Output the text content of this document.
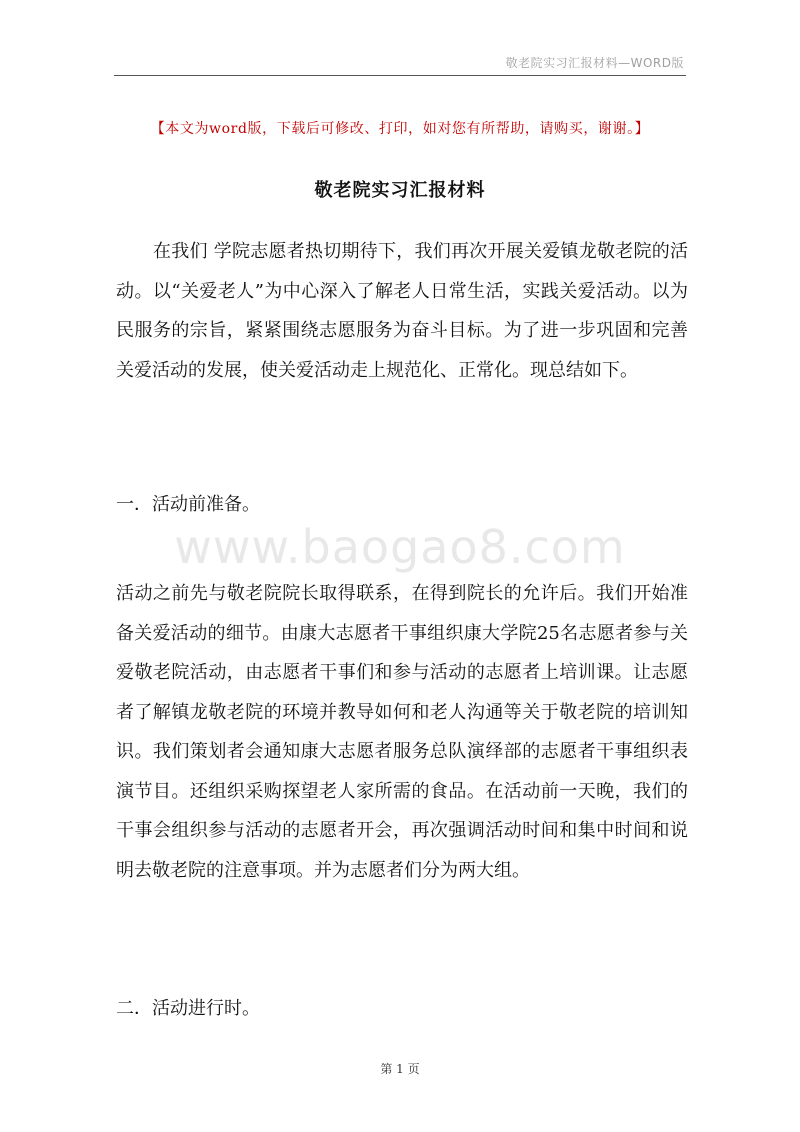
敬老院实习汇报材料—WORD版
【本文为word版，下载后可修改、打印，如对您有所帮助，请购买，谢谢。】
敬老院实习汇报材料

在我们 学院志愿者热切期待下，我们再次开展关爱镇龙敬老院的活动。以“关爱老人”为中心深入了解老人日常生活，实践关爱活动。以为民服务的宗旨，紧紧围绕志愿服务为奋斗目标。为了进一步巩固和完善关爱活动的发展，使关爱活动走上规范化、正常化。现总结如下。

一．活动前准备。
www.baogao8.com

活动之前先与敬老院院长取得联系，在得到院长的允许后。我们开始准备关爱活动的细节。由康大志愿者干事组织康大学院25名志愿者参与关爱敬老院活动，由志愿者干事们和参与活动的志愿者上培训课。让志愿者了解镇龙敬老院的环境并教导如何和老人沟通等关于敬老院的培训知识。我们策划者会通知康大志愿者服务总队演绎部的志愿者干事组织表演节目。还组织采购探望老人家所需的食品。在活动前一天晚，我们的干事会组织参与活动的志愿者开会，再次强调活动时间和集中时间和说明去敬老院的注意事项。并为志愿者们分为两大组。

二．活动进行时。
第 1 页
